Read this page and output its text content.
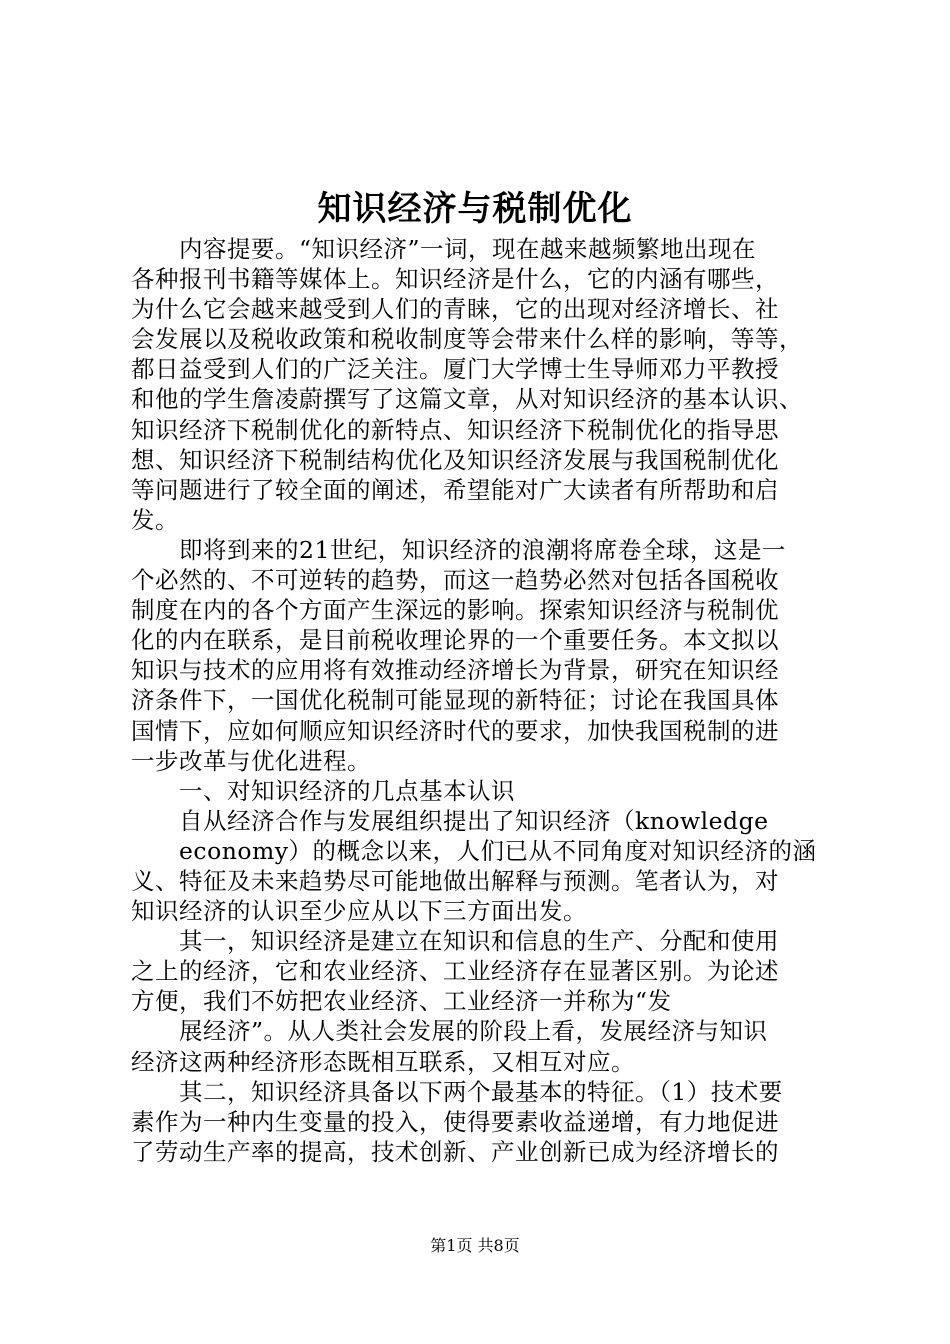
知识经济与税制优化
内容提要。“知识经济”一词，现在越来越频繁地出现在
各种报刊书籍等媒体上。知识经济是什么，它的内涵有哪些，
为什么它会越来越受到人们的青睐，它的出现对经济增长、社
会发展以及税收政策和税收制度等会带来什么样的影响，等等，
都日益受到人们的广泛关注。厦门大学博士生导师邓力平教授
和他的学生詹凌蔚撰写了这篇文章，从对知识经济的基本认识、
知识经济下税制优化的新特点、知识经济下税制优化的指导思
想、知识经济下税制结构优化及知识经济发展与我国税制优化
等问题进行了较全面的阐述，希望能对广大读者有所帮助和启
发。
即将到来的21世纪，知识经济的浪潮将席卷全球，这是一
个必然的、不可逆转的趋势，而这一趋势必然对包括各国税收
制度在内的各个方面产生深远的影响。探索知识经济与税制优
化的内在联系，是目前税收理论界的一个重要任务。本文拟以
知识与技术的应用将有效推动经济增长为背景，研究在知识经
济条件下，一国优化税制可能显现的新特征；讨论在我国具体
国情下，应如何顺应知识经济时代的要求，加快我国税制的进
一步改革与优化进程。
一、对知识经济的几点基本认识
自从经济合作与发展组织提出了知识经济（knowledge
economy）的概念以来，人们已从不同角度对知识经济的涵
义、特征及未来趋势尽可能地做出解释与预测。笔者认为，对
知识经济的认识至少应从以下三方面出发。
其一，知识经济是建立在知识和信息的生产、分配和使用
之上的经济，它和农业经济、工业经济存在显著区别。为论述
方便，我们不妨把农业经济、工业经济一并称为“发
展经济”。从人类社会发展的阶段上看，发展经济与知识
经济这两种经济形态既相互联系，又相互对应。
其二，知识经济具备以下两个最基本的特征。（1）技术要
素作为一种内生变量的投入，使得要素收益递增，有力地促进
了劳动生产率的提高，技术创新、产业创新已成为经济增长的
第1页 共8页
